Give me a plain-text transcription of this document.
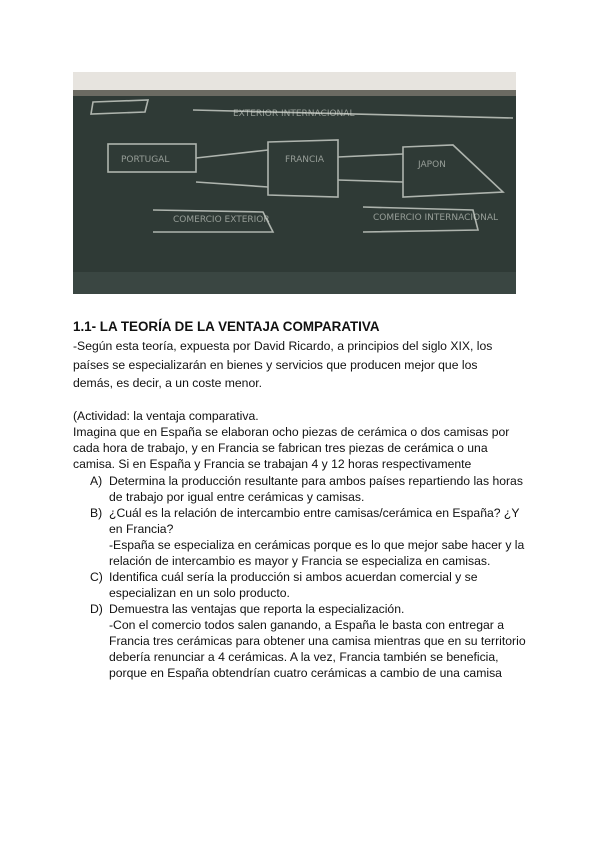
EXTERIOR INTERNACIONAL
PORTUGAL	FRANCIA	JAPON
COMERCIO EXTERIOR	COMERCIO INTERNACIONAL
1.1- LA TEORÍA DE LA VENTAJA COMPARATIVA
-Según esta teoría, expuesta por David Ricardo, a principios del siglo XIX, los
países se especializarán en bienes y servicios que producen mejor que los
demás, es decir, a un coste menor.
(Actividad: la ventaja comparativa.
Imagina que en España se elaboran ocho piezas de cerámica o dos camisas por
cada hora de trabajo, y en Francia se fabrican tres piezas de cerámica o una
camisa. Si en España y Francia se trabajan 4 y 12 horas respectivamente
A) Determina la producción resultante para ambos países repartiendo las horas
de trabajo por igual entre cerámicas y camisas.
B) ¿Cuál es la relación de intercambio entre camisas/cerámica en España? ¿Y
en Francia?
-España se especializa en cerámicas porque es lo que mejor sabe hacer y la
relación de intercambio es mayor y Francia se especializa en camisas.
C) Identifica cuál sería la producción si ambos acuerdan comercial y se
especializan en un solo producto.
D) Demuestra las ventajas que reporta la especialización.
-Con el comercio todos salen ganando, a España le basta con entregar a
Francia tres cerámicas para obtener una camisa mientras que en su territorio
debería renunciar a 4 cerámicas. A la vez, Francia también se beneficia,
porque en España obtendrían cuatro cerámicas a cambio de una camisa
